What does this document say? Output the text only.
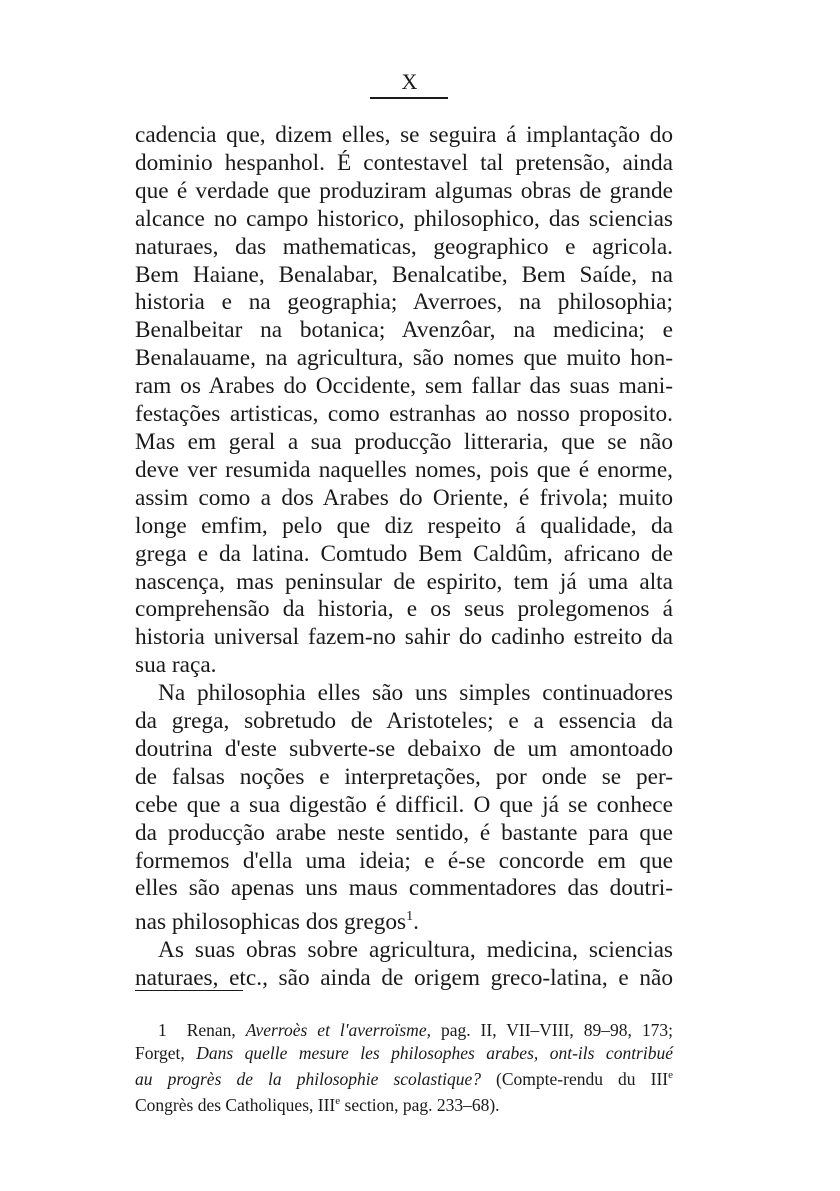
X
cadencia que, dizem elles, se seguira á implantação do
dominio hespanhol. É contestavel tal pretensão, ainda
que é verdade que produziram algumas obras de grande
alcance no campo historico, philosophico, das sciencias
naturaes, das mathematicas, geographico e agricola.
Bem Haiane, Benalabar, Benalcatibe, Bem Saíde, na
historia e na geographia; Averroes, na philosophia;
Benalbeitar na botanica; Avenzôar, na medicina; e
Benalauame, na agricultura, são nomes que muito hon-
ram os Arabes do Occidente, sem fallar das suas mani-
festações artisticas, como estranhas ao nosso proposito.
Mas em geral a sua producção litteraria, que se não
deve ver resumida naquelles nomes, pois que é enorme,
assim como a dos Arabes do Oriente, é frivola; muito
longe emfim, pelo que diz respeito á qualidade, da
grega e da latina. Comtudo Bem Caldûm, africano de
nascença, mas peninsular de espirito, tem já uma alta
comprehensão da historia, e os seus prolegomenos á
historia universal fazem-no sahir do cadinho estreito da
sua raça.
Na philosophia elles são uns simples continuadores
da grega, sobretudo de Aristoteles; e a essencia da
doutrina d'este subverte-se debaixo de um amontoado
de falsas noções e interpretações, por onde se per-
cebe que a sua digestão é difficil. O que já se conhece
da producção arabe neste sentido, é bastante para que
formemos d'ella uma ideia; e é-se concorde em que
elles são apenas uns maus commentadores das doutri-
nas philosophicas dos gregos$^1$.
As suas obras sobre agricultura, medicina, sciencias
naturaes, etc., são ainda de origem greco-latina, e não
1 Renan, Averroès et l'averroïsme, pag. II, VII–VIII, 89–98, 173;
Forget, Dans quelle mesure les philosophes arabes, ont-ils contribué
au progrès de la philosophie scolastique? (Compte-rendu du IIIe
Congrès des Catholiques, IIIe section, pag. 233–68).
